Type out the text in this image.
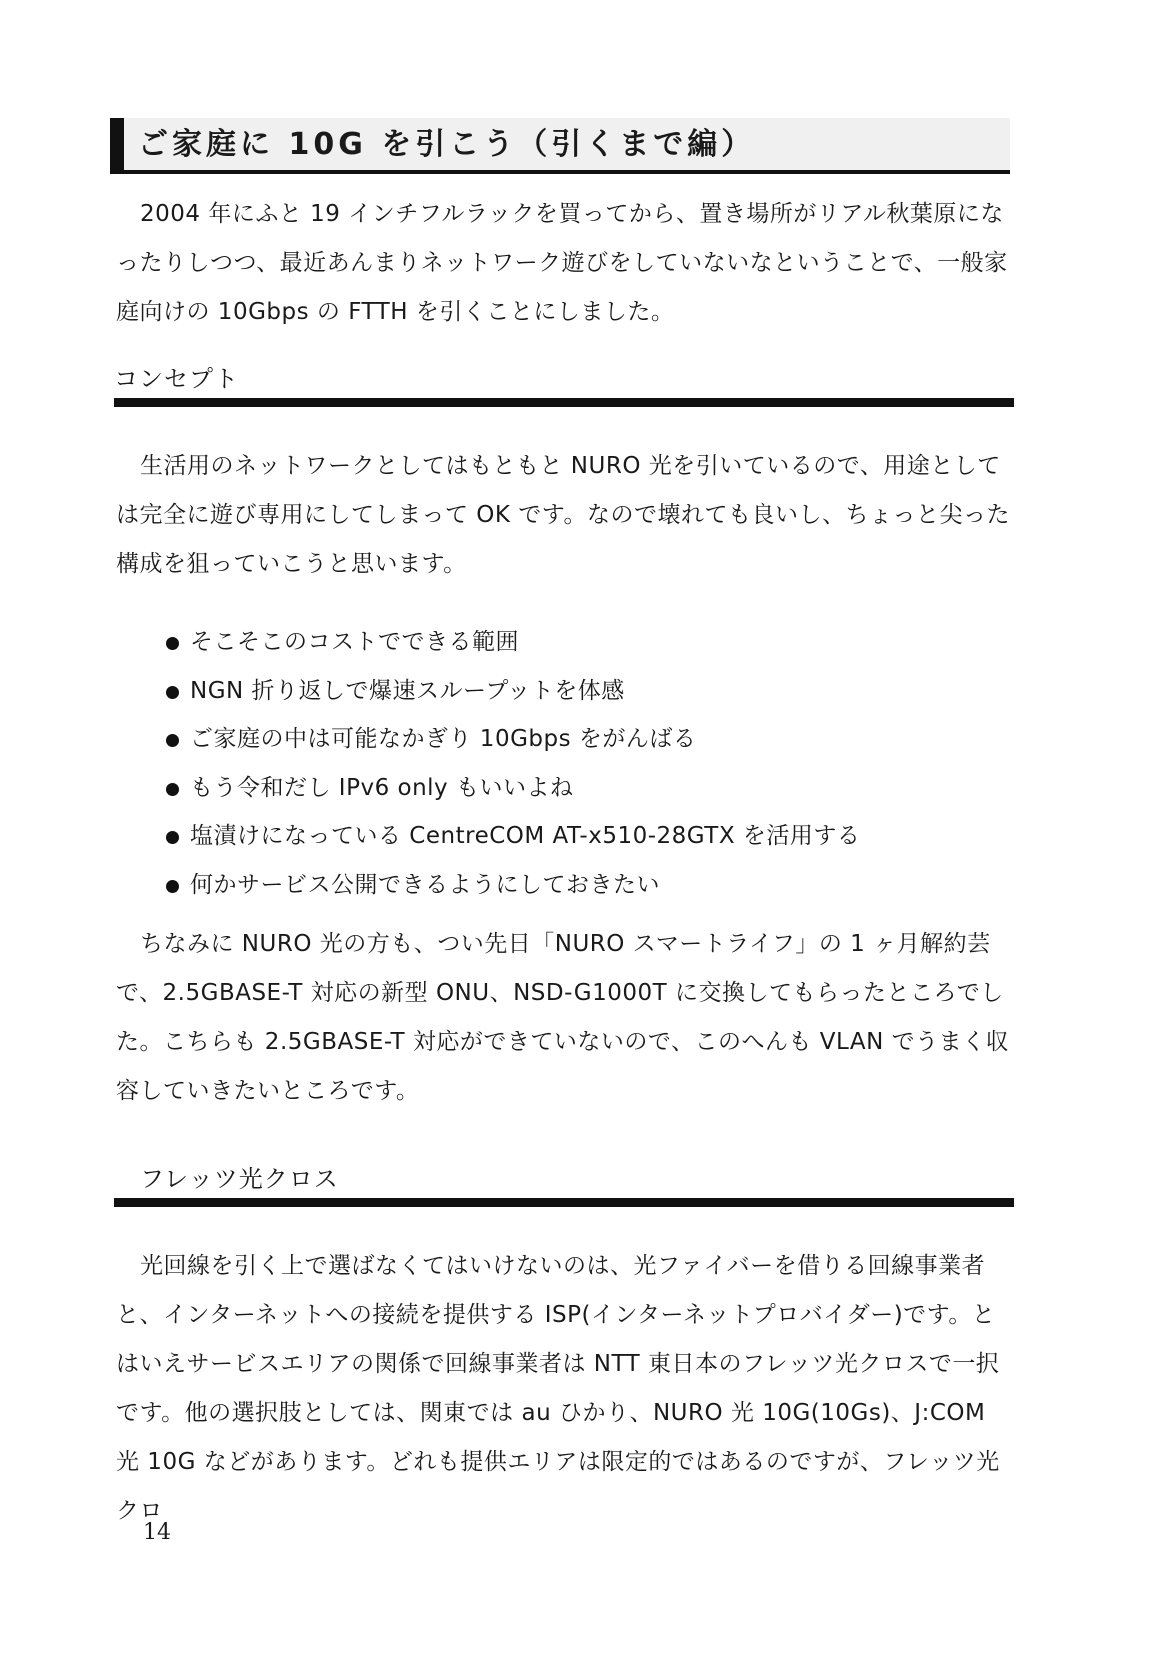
ご家庭に 10G を引こう（引くまで編）

2004 年にふと 19 インチフルラックを買ってから、置き場所がリアル秋葉原になったりしつつ、最近あんまりネットワーク遊びをしていないなということで、一般家庭向けの 10Gbps の FTTH を引くことにしました。

コンセプト

生活用のネットワークとしてはもともと NURO 光を引いているので、用途としては完全に遊び専用にしてしまって OK です。なので壊れても良いし、ちょっと尖った構成を狙っていこうと思います。

そこそこのコストでできる範囲
NGN 折り返しで爆速スループットを体感
ご家庭の中は可能なかぎり 10Gbps をがんばる
もう令和だし IPv6 only もいいよね
塩漬けになっている CentreCOM AT-x510-28GTX を活用する
何かサービス公開できるようにしておきたい

ちなみに NURO 光の方も、つい先日「NURO スマートライフ」の 1 ヶ月解約芸で、2.5GBASE-T 対応の新型 ONU、NSD-G1000T に交換してもらったところでした。こちらも 2.5GBASE-T 対応ができていないので、このへんも VLAN でうまく収容していきたいところです。

フレッツ光クロス

光回線を引く上で選ばなくてはいけないのは、光ファイバーを借りる回線事業者と、インターネットへの接続を提供する ISP(インターネットプロバイダー)です。とはいえサービスエリアの関係で回線事業者は NTT 東日本のフレッツ光クロスで一択です。他の選択肢としては、関東では au ひかり、NURO 光 10G(10Gs)、J:COM 光 10G などがあります。どれも提供エリアは限定的ではあるのですが、フレッツ光クロ

14
